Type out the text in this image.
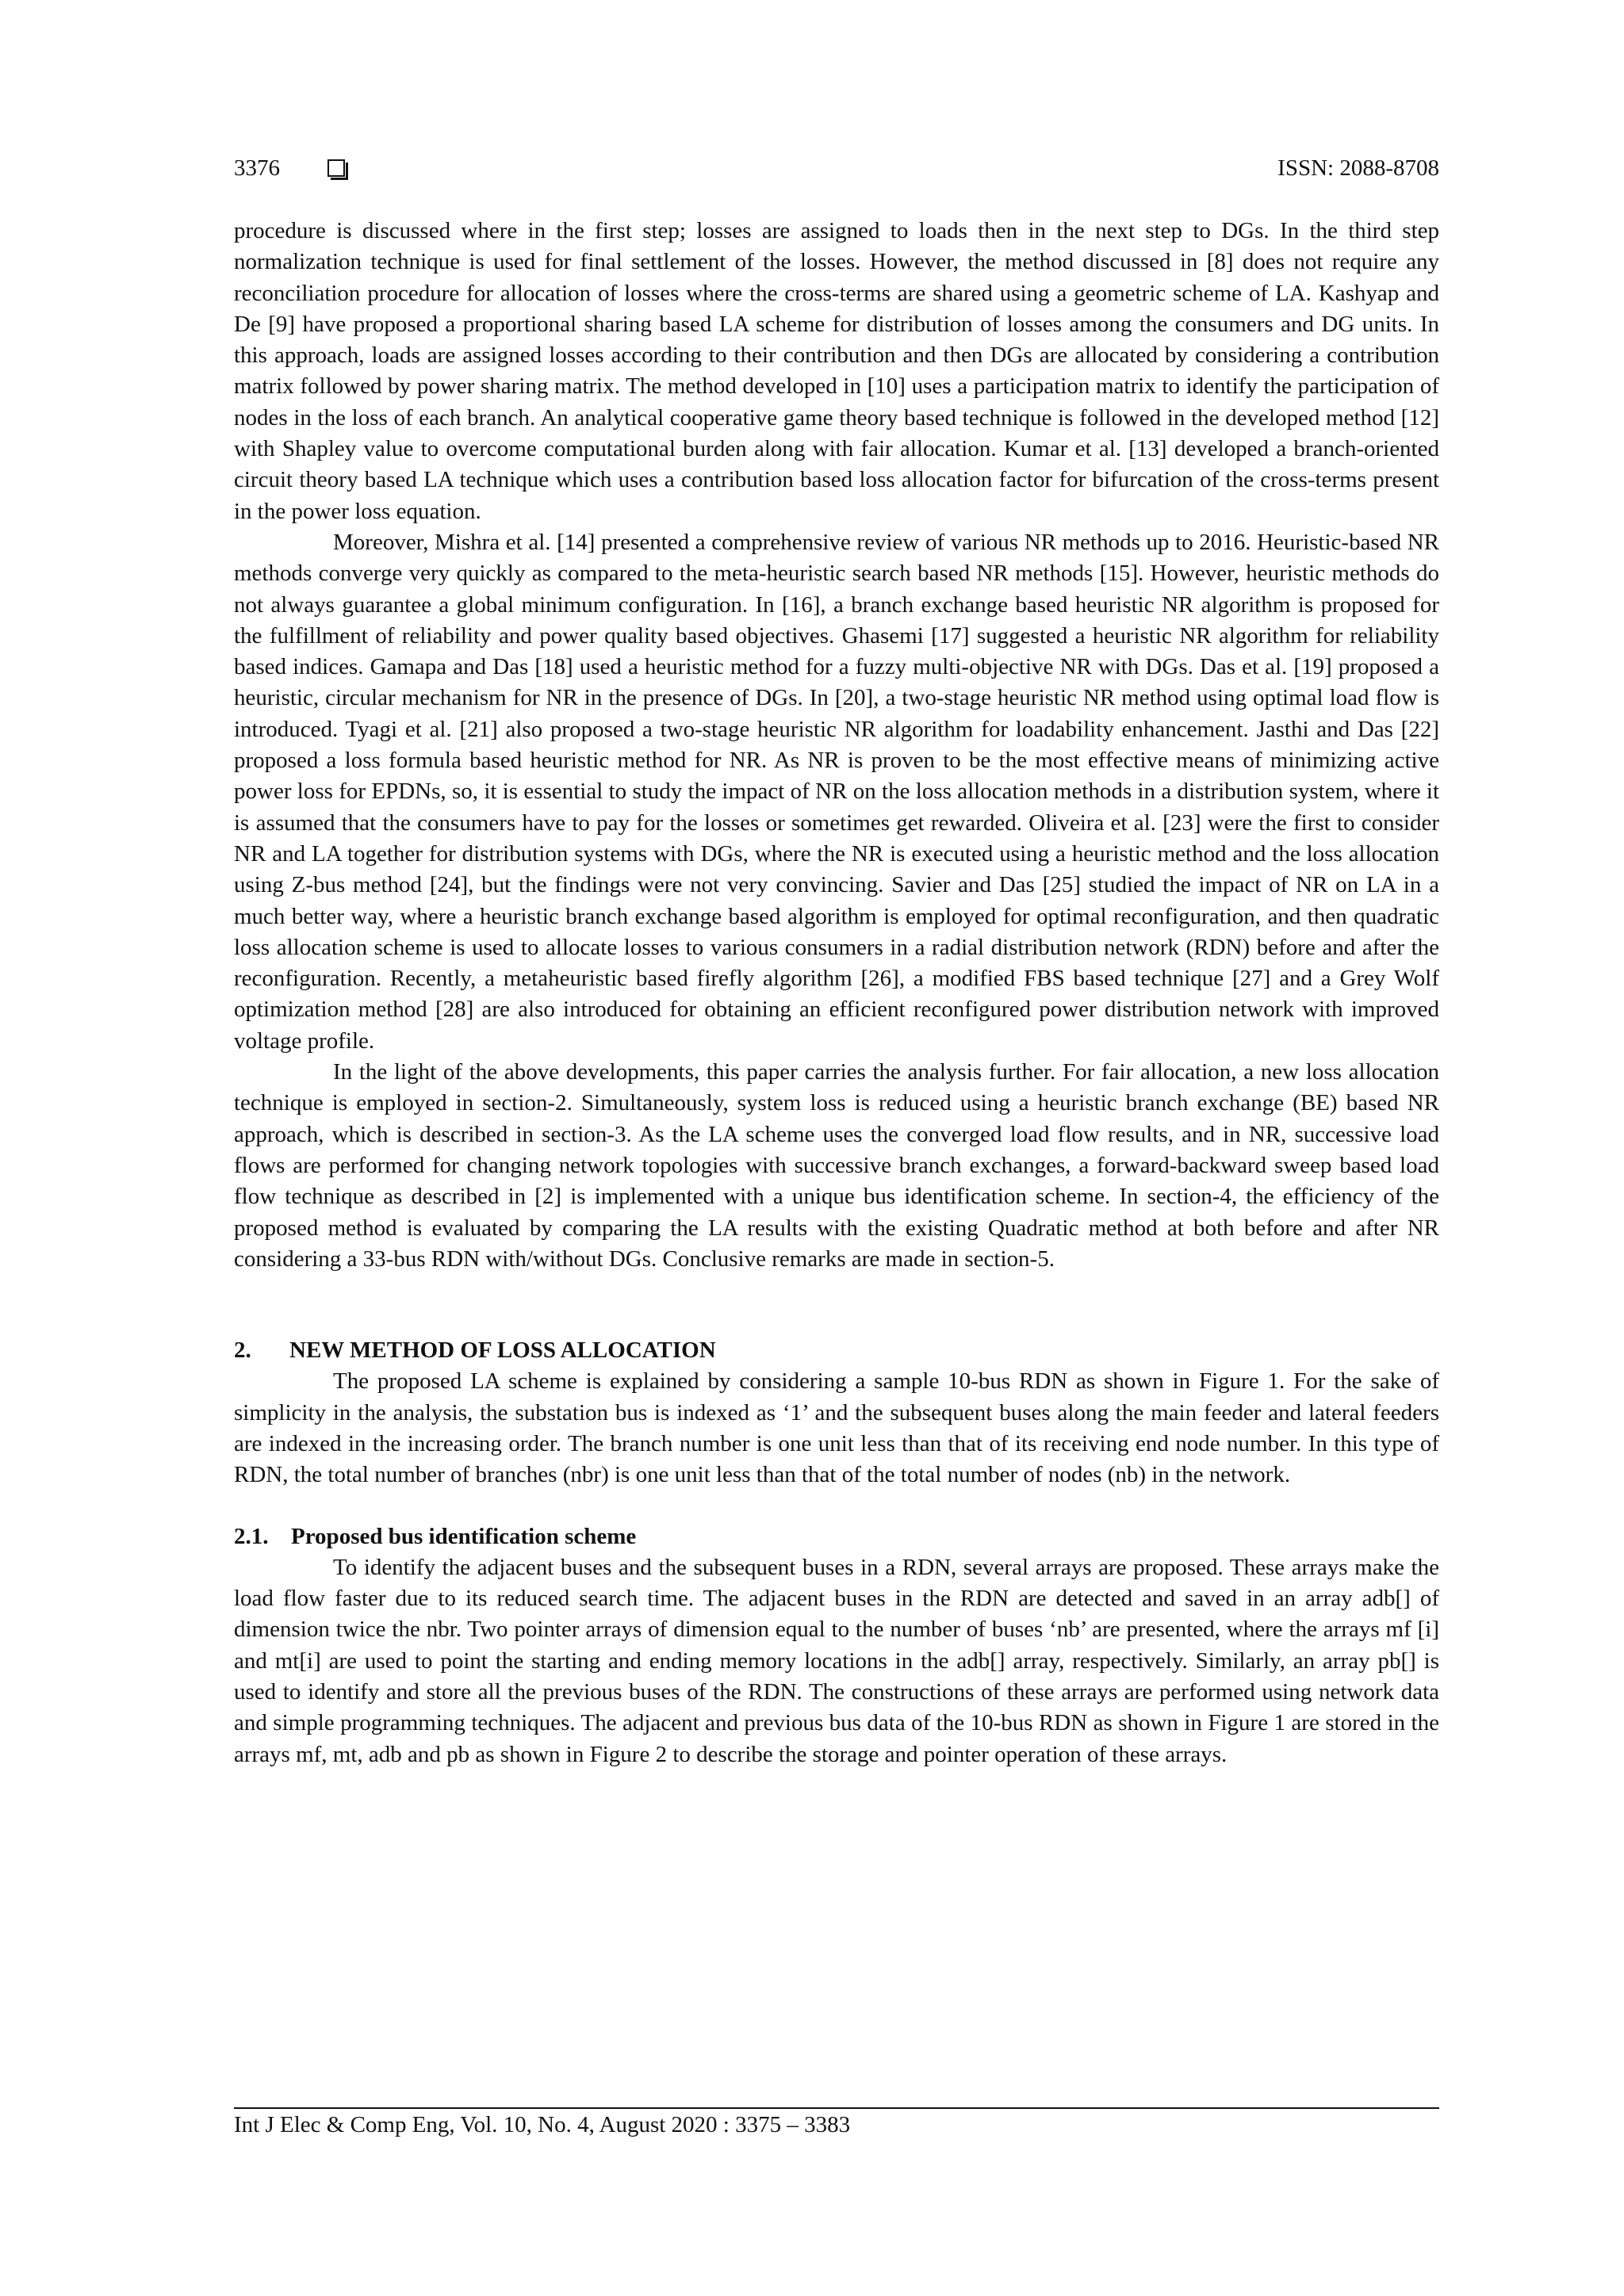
3376	ISSN: 2088-8708

procedure is discussed where in the first step; losses are assigned to loads then in the next step to DGs. In the third step normalization technique is used for final settlement of the losses. However, the method discussed in [8] does not require any reconciliation procedure for allocation of losses where the cross-terms are shared using a geometric scheme of LA. Kashyap and De [9] have proposed a proportional sharing based LA scheme for distribution of losses among the consumers and DG units. In this approach, loads are assigned losses according to their contribution and then DGs are allocated by considering a contribution matrix followed by power sharing matrix. The method developed in [10] uses a participation matrix to identify the participation of nodes in the loss of each branch. An analytical cooperative game theory based technique is followed in the developed method [12] with Shapley value to overcome computational burden along with fair allocation. Kumar et al. [13] developed a branch-oriented circuit theory based LA technique which uses a contribution based loss allocation factor for bifurcation of the cross-terms present in the power loss equation.

Moreover, Mishra et al. [14] presented a comprehensive review of various NR methods up to 2016. Heuristic-based NR methods converge very quickly as compared to the meta-heuristic search based NR methods [15]. However, heuristic methods do not always guarantee a global minimum configuration. In [16], a branch exchange based heuristic NR algorithm is proposed for the fulfillment of reliability and power quality based objectives. Ghasemi [17] suggested a heuristic NR algorithm for reliability based indices. Gamapa and Das [18] used a heuristic method for a fuzzy multi-objective NR with DGs. Das et al. [19] proposed a heuristic, circular mechanism for NR in the presence of DGs. In [20], a two-stage heuristic NR method using optimal load flow is introduced. Tyagi et al. [21] also proposed a two-stage heuristic NR algorithm for loadability enhancement. Jasthi and Das [22] proposed a loss formula based heuristic method for NR. As NR is proven to be the most effective means of minimizing active power loss for EPDNs, so, it is essential to study the impact of NR on the loss allocation methods in a distribution system, where it is assumed that the consumers have to pay for the losses or sometimes get rewarded. Oliveira et al. [23] were the first to consider NR and LA together for distribution systems with DGs, where the NR is executed using a heuristic method and the loss allocation using Z-bus method [24], but the findings were not very convincing. Savier and Das [25] studied the impact of NR on LA in a much better way, where a heuristic branch exchange based algorithm is employed for optimal reconfiguration, and then quadratic loss allocation scheme is used to allocate losses to various consumers in a radial distribution network (RDN) before and after the reconfiguration. Recently, a metaheuristic based firefly algorithm [26], a modified FBS based technique [27] and a Grey Wolf optimization method [28] are also introduced for obtaining an efficient reconfigured power distribution network with improved voltage profile.

In the light of the above developments, this paper carries the analysis further. For fair allocation, a new loss allocation technique is employed in section-2. Simultaneously, system loss is reduced using a heuristic branch exchange (BE) based NR approach, which is described in section-3. As the LA scheme uses the converged load flow results, and in NR, successive load flows are performed for changing network topologies with successive branch exchanges, a forward-backward sweep based load flow technique as described in [2] is implemented with a unique bus identification scheme. In section-4, the efficiency of the proposed method is evaluated by comparing the LA results with the existing Quadratic method at both before and after NR considering a 33-bus RDN with/without DGs. Conclusive remarks are made in section-5.

2. NEW METHOD OF LOSS ALLOCATION

The proposed LA scheme is explained by considering a sample 10-bus RDN as shown in Figure 1. For the sake of simplicity in the analysis, the substation bus is indexed as ‘1’ and the subsequent buses along the main feeder and lateral feeders are indexed in the increasing order. The branch number is one unit less than that of its receiving end node number. In this type of RDN, the total number of branches (nbr) is one unit less than that of the total number of nodes (nb) in the network.

2.1. Proposed bus identification scheme

To identify the adjacent buses and the subsequent buses in a RDN, several arrays are proposed. These arrays make the load flow faster due to its reduced search time. The adjacent buses in the RDN are detected and saved in an array adb[] of dimension twice the nbr. Two pointer arrays of dimension equal to the number of buses ‘nb’ are presented, where the arrays mf [i] and mt[i] are used to point the starting and ending memory locations in the adb[] array, respectively. Similarly, an array pb[] is used to identify and store all the previous buses of the RDN. The constructions of these arrays are performed using network data and simple programming techniques. The adjacent and previous bus data of the 10-bus RDN as shown in Figure 1 are stored in the arrays mf, mt, adb and pb as shown in Figure 2 to describe the storage and pointer operation of these arrays.

Int J Elec & Comp Eng, Vol. 10, No. 4, August 2020 : 3375 – 3383
